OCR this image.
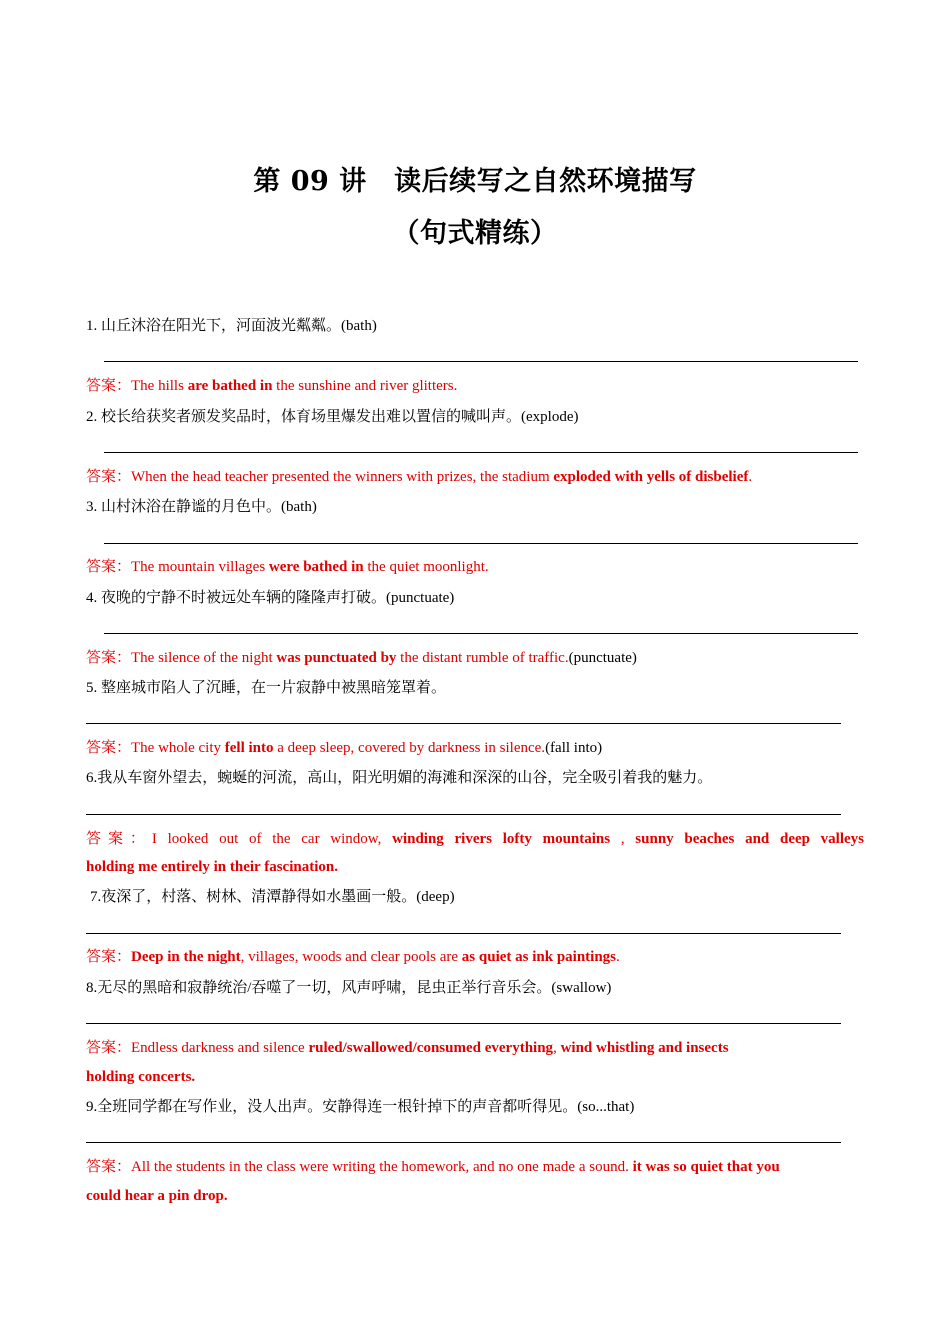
第 09 讲　读后续写之自然环境描写
（句式精练）
1. 山丘沐浴在阳光下，河面波光粼粼。(bath)
答案：The hills are bathed in the sunshine and river glitters.
2. 校长给获奖者颁发奖品时，体育场里爆发出难以置信的喊叫声。(explode)
答案：When the head teacher presented the winners with prizes, the stadium exploded with yells of disbelief.
3. 山村沐浴在静谧的月色中。(bath)
答案：The mountain villages were bathed in the quiet moonlight.
4. 夜晚的宁静不时被远处车辆的隆隆声打破。(punctuate)
答案：The silence of the night was punctuated by the distant rumble of traffic.(punctuate)
5. 整座城市陷人了沉睡，在一片寂静中被黑暗笼罩着。
答案：The whole city fell into a deep sleep, covered by darkness in silence.(fall into)
6.我从车窗外望去，蜿蜒的河流，高山，阳光明媚的海滩和深深的山谷，完全吸引着我的魅力。
答案：I looked out of the car window, winding rivers lofty mountains , sunny beaches and deep valleys
holding me entirely in their fascination.
7.夜深了，村落、树林、清潭静得如水墨画一般。(deep)
答案：Deep in the night, villages, woods and clear pools are as quiet as ink paintings.
8.无尽的黑暗和寂静统治/吞噬了一切，风声呼啸，昆虫正举行音乐会。(swallow)
答案：Endless darkness and silence ruled/swallowed/consumed everything, wind whistling and insects
holding concerts.
9.全班同学都在写作业，没人出声。安静得连一根针掉下的声音都听得见。(so...that)
答案：All the students in the class were writing the homework, and no one made a sound. it was so quiet that you
could hear a pin drop.
